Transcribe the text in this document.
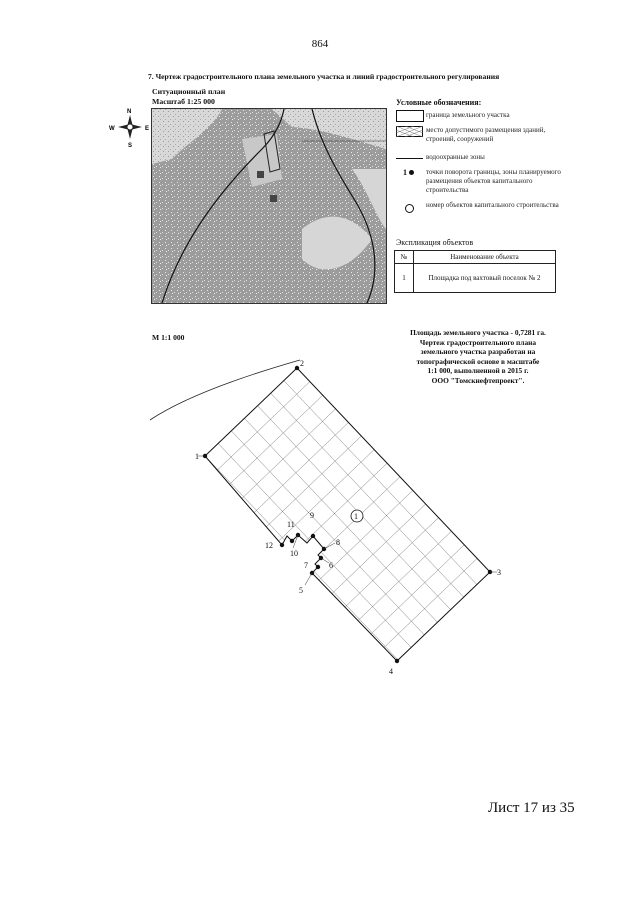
864
7. Чертеж градостроительного плана земельного участка и линий градостроительного регулирования
Ситуационный план
Масштаб 1:25 000
N
S
W	E
Условные обозначения:
граница земельного участка
место допустимого размещения зданий, строений, сооружений
водоохранные зоны
1	точки поворота границы, зоны планируемого размещения объектов капитального строительства
номер объектов капитального строительства
Экспликация объектов
№	Наименование объекта
1	Площадка под вахтовый поселок № 2
М 1:1 000
Площадь земельного участка - 0,7281 га.
Чертеж градостроительного плана
земельного участка разработан на
топографической основе в масштабе
1:1 000, выполненной в 2015 г.
ООО "Томскнефтепроект".
1
2
3
4
5
6
7
8
9
10
11
12
1
Лист 17 из 35
